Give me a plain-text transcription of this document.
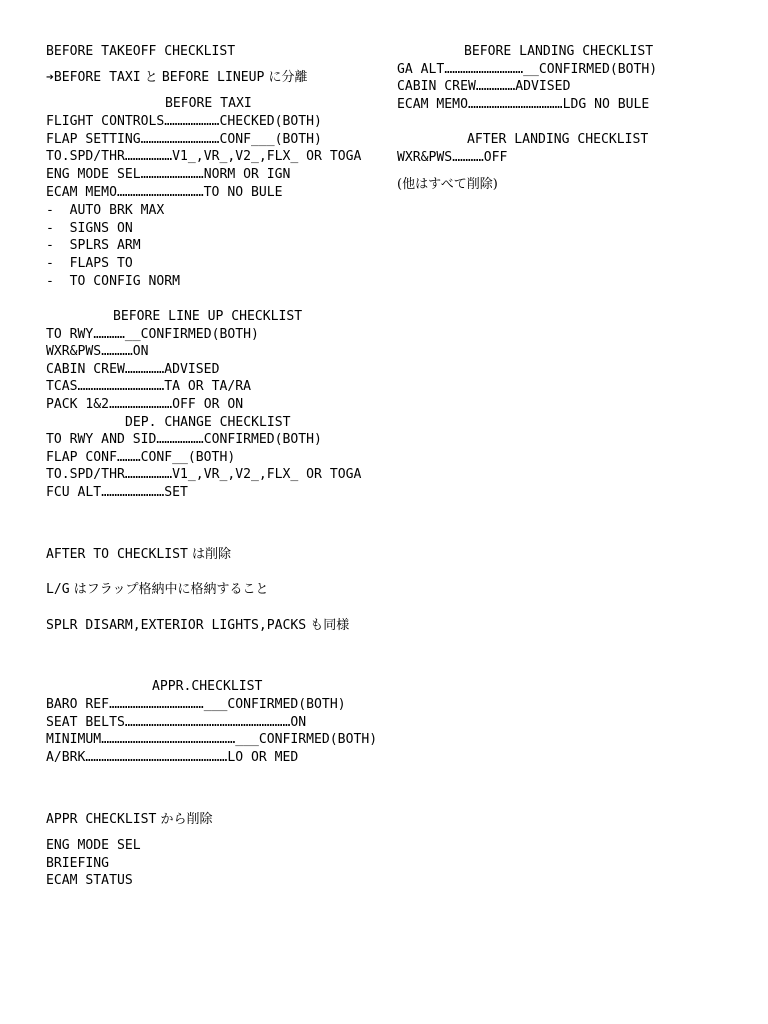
BEFORE TAKEOFF CHECKLIST
➔BEFORE TAXI と BEFORE LINEUP に分離
BEFORE TAXI
FLIGHT CONTROLS…………………CHECKED(BOTH)
FLAP SETTING…………………………CONF___(BOTH)
TO.SPD/THR………………V1_,VR_,V2_,FLX_ OR TOGA
ENG MODE SEL……………………NORM OR IGN
ECAM MEMO……………………………TO NO BULE
-  AUTO BRK MAX
-  SIGNS ON
-  SPLRS ARM
-  FLAPS TO
-  TO CONFIG NORM
BEFORE LINE UP CHECKLIST
TO RWY…………__CONFIRMED(BOTH)
WXR&PWS…………ON
CABIN CREW……………ADVISED
TCAS……………………………TA OR TA/RA
PACK 1&2……………………OFF OR ON
DEP. CHANGE CHECKLIST
TO RWY AND SID………………CONFIRMED(BOTH)
FLAP CONF………CONF__(BOTH)
TO.SPD/THR………………V1_,VR_,V2_,FLX_ OR TOGA
FCU ALT……………………SET
AFTER TO CHECKLIST は削除
L/G はフラップ格納中に格納すること
SPLR DISARM,EXTERIOR LIGHTS,PACKS も同様
APPR.CHECKLIST
BARO REF………………………………___CONFIRMED(BOTH)
SEAT BELTS………………………………………………………ON
MINIMUM……………………………………………___CONFIRMED(BOTH)
A/BRK………………………………………………LO OR MED
APPR CHECKLIST から削除
ENG MODE SEL
BRIEFING
ECAM STATUS
BEFORE LANDING CHECKLIST
GA ALT…………………………__CONFIRMED(BOTH)
CABIN CREW……………ADVISED
ECAM MEMO………………………………LDG NO BULE
AFTER LANDING CHECKLIST
WXR&PWS…………OFF
(他はすべて削除)
